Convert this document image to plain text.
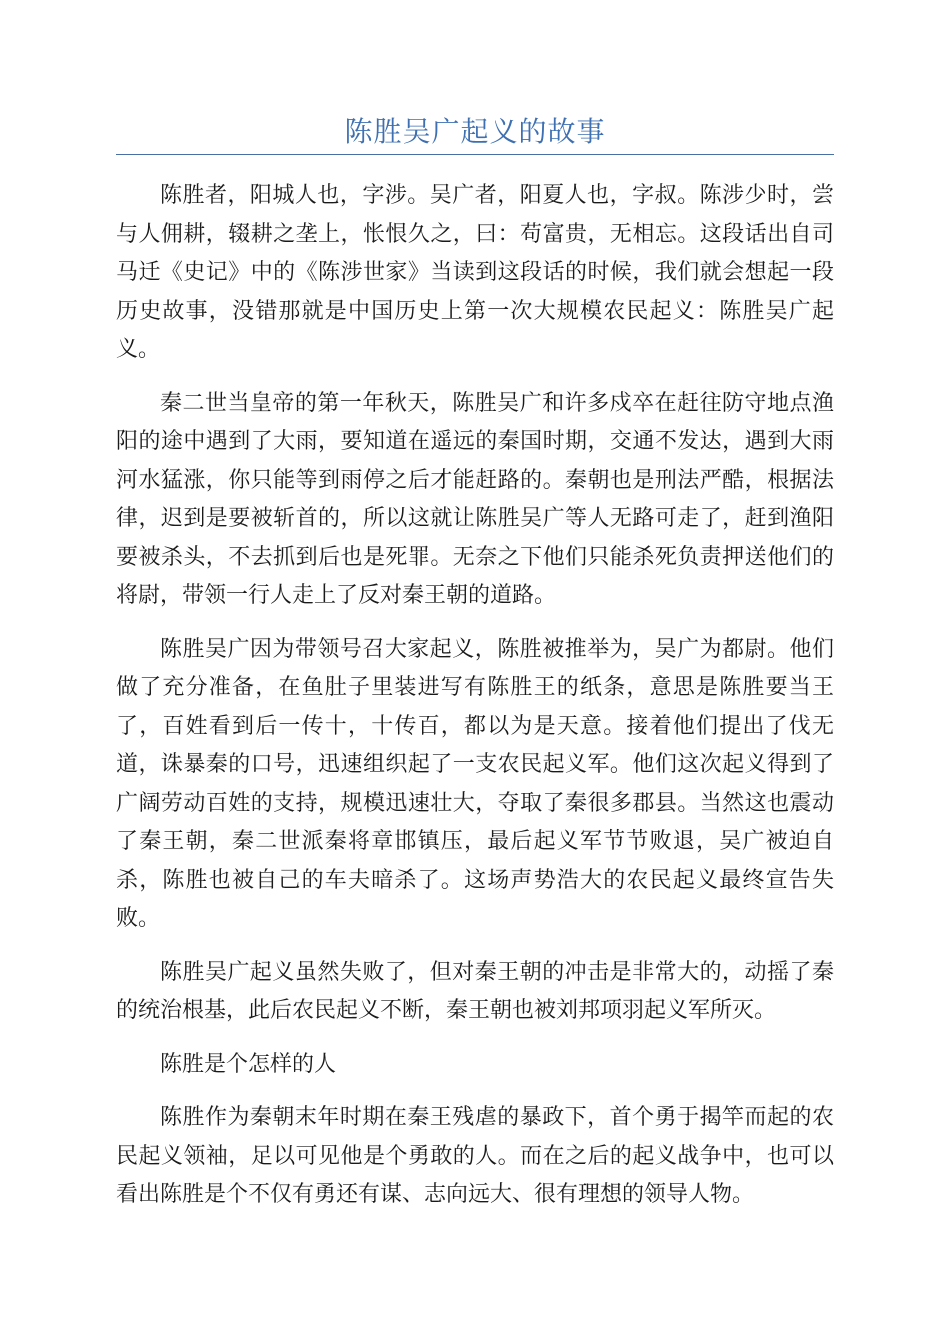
陈胜吴广起义的故事

陈胜者，阳城人也，字涉。吴广者，阳夏人也，字叔。陈涉少时，尝与人佣耕，辍耕之垄上，怅恨久之，曰：苟富贵，无相忘。这段话出自司马迁《史记》中的《陈涉世家》当读到这段话的时候，我们就会想起一段历史故事，没错那就是中国历史上第一次大规模农民起义：陈胜吴广起义。

秦二世当皇帝的第一年秋天，陈胜吴广和许多戍卒在赶往防守地点渔阳的途中遇到了大雨，要知道在遥远的秦国时期，交通不发达，遇到大雨河水猛涨，你只能等到雨停之后才能赶路的。秦朝也是刑法严酷，根据法律，迟到是要被斩首的，所以这就让陈胜吴广等人无路可走了，赶到渔阳要被杀头，不去抓到后也是死罪。无奈之下他们只能杀死负责押送他们的将尉，带领一行人走上了反对秦王朝的道路。

陈胜吴广因为带领号召大家起义，陈胜被推举为，吴广为都尉。他们做了充分准备，在鱼肚子里装进写有陈胜王的纸条，意思是陈胜要当王了，百姓看到后一传十，十传百，都以为是天意。接着他们提出了伐无道，诛暴秦的口号，迅速组织起了一支农民起义军。他们这次起义得到了广阔劳动百姓的支持，规模迅速壮大，夺取了秦很多郡县。当然这也震动了秦王朝，秦二世派秦将章邯镇压，最后起义军节节败退，吴广被迫自杀，陈胜也被自己的车夫暗杀了。这场声势浩大的农民起义最终宣告失败。

陈胜吴广起义虽然失败了，但对秦王朝的冲击是非常大的，动摇了秦的统治根基，此后农民起义不断，秦王朝也被刘邦项羽起义军所灭。

陈胜是个怎样的人

陈胜作为秦朝末年时期在秦王残虐的暴政下，首个勇于揭竿而起的农民起义领袖，足以可见他是个勇敢的人。而在之后的起义战争中，也可以看出陈胜是个不仅有勇还有谋、志向远大、很有理想的领导人物。
